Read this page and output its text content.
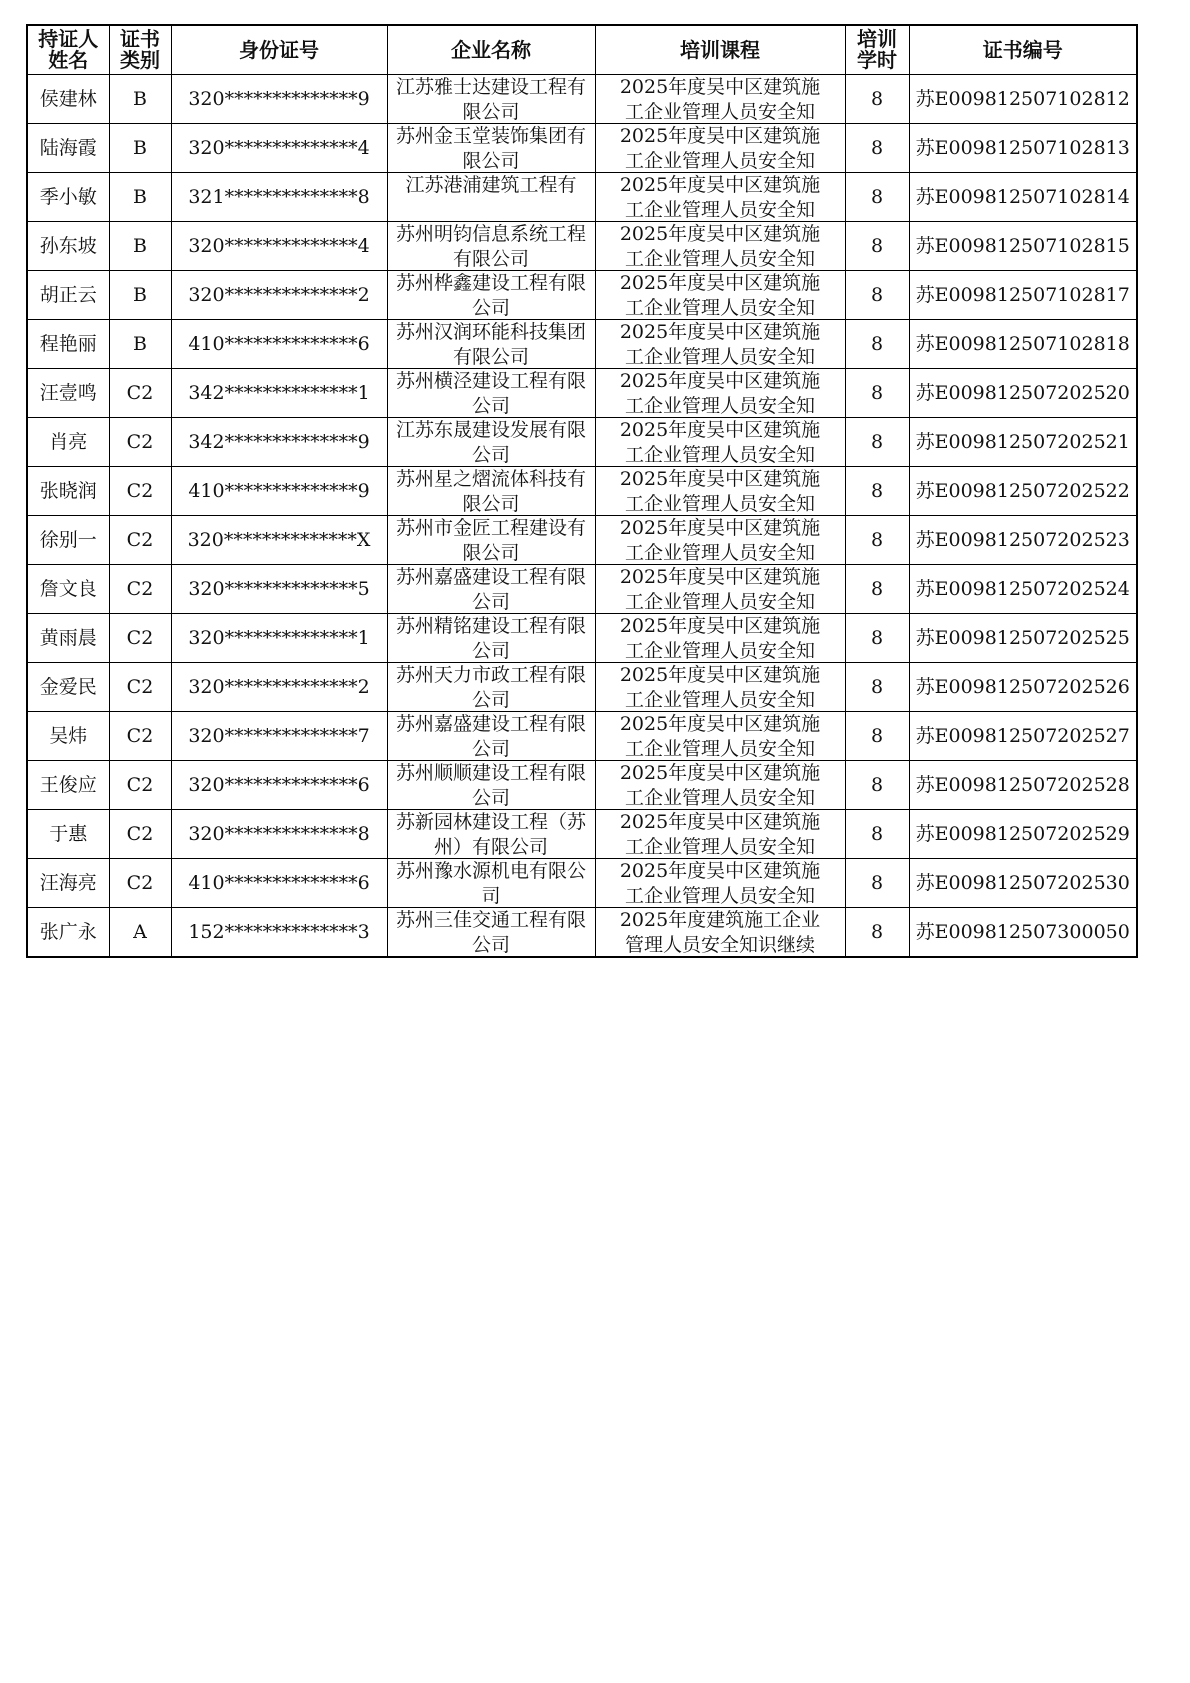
持证人姓名	证书类别	身份证号	企业名称	培训课程	培训学时	证书编号
侯建林	B	320**************9	江苏雅士达建设工程有限公司	2025年度吴中区建筑施工企业管理人员安全知	8	苏E009812507102812
陆海霞	B	320**************4	苏州金玉堂装饰集团有限公司	2025年度吴中区建筑施工企业管理人员安全知	8	苏E009812507102813
季小敏	B	321**************8	江苏港浦建筑工程有	2025年度吴中区建筑施工企业管理人员安全知	8	苏E009812507102814
孙东坡	B	320**************4	苏州明钧信息系统工程有限公司	2025年度吴中区建筑施工企业管理人员安全知	8	苏E009812507102815
胡正云	B	320**************2	苏州桦鑫建设工程有限公司	2025年度吴中区建筑施工企业管理人员安全知	8	苏E009812507102817
程艳丽	B	410**************6	苏州汉润环能科技集团有限公司	2025年度吴中区建筑施工企业管理人员安全知	8	苏E009812507102818
汪壹鸣	C2	342**************1	苏州横泾建设工程有限公司	2025年度吴中区建筑施工企业管理人员安全知	8	苏E009812507202520
肖亮	C2	342**************9	江苏东晟建设发展有限公司	2025年度吴中区建筑施工企业管理人员安全知	8	苏E009812507202521
张晓润	C2	410**************9	苏州星之熠流体科技有限公司	2025年度吴中区建筑施工企业管理人员安全知	8	苏E009812507202522
徐别一	C2	320**************X	苏州市金匠工程建设有限公司	2025年度吴中区建筑施工企业管理人员安全知	8	苏E009812507202523
詹文良	C2	320**************5	苏州嘉盛建设工程有限公司	2025年度吴中区建筑施工企业管理人员安全知	8	苏E009812507202524
黄雨晨	C2	320**************1	苏州精铭建设工程有限公司	2025年度吴中区建筑施工企业管理人员安全知	8	苏E009812507202525
金爱民	C2	320**************2	苏州天力市政工程有限公司	2025年度吴中区建筑施工企业管理人员安全知	8	苏E009812507202526
吴炜	C2	320**************7	苏州嘉盛建设工程有限公司	2025年度吴中区建筑施工企业管理人员安全知	8	苏E009812507202527
王俊应	C2	320**************6	苏州顺顺建设工程有限公司	2025年度吴中区建筑施工企业管理人员安全知	8	苏E009812507202528
于惠	C2	320**************8	苏新园林建设工程（苏州）有限公司	2025年度吴中区建筑施工企业管理人员安全知	8	苏E009812507202529
汪海亮	C2	410**************6	苏州豫水源机电有限公司	2025年度吴中区建筑施工企业管理人员安全知	8	苏E009812507202530
张广永	A	152**************3	苏州三佳交通工程有限公司	2025年度建筑施工企业管理人员安全知识继续	8	苏E009812507300050
